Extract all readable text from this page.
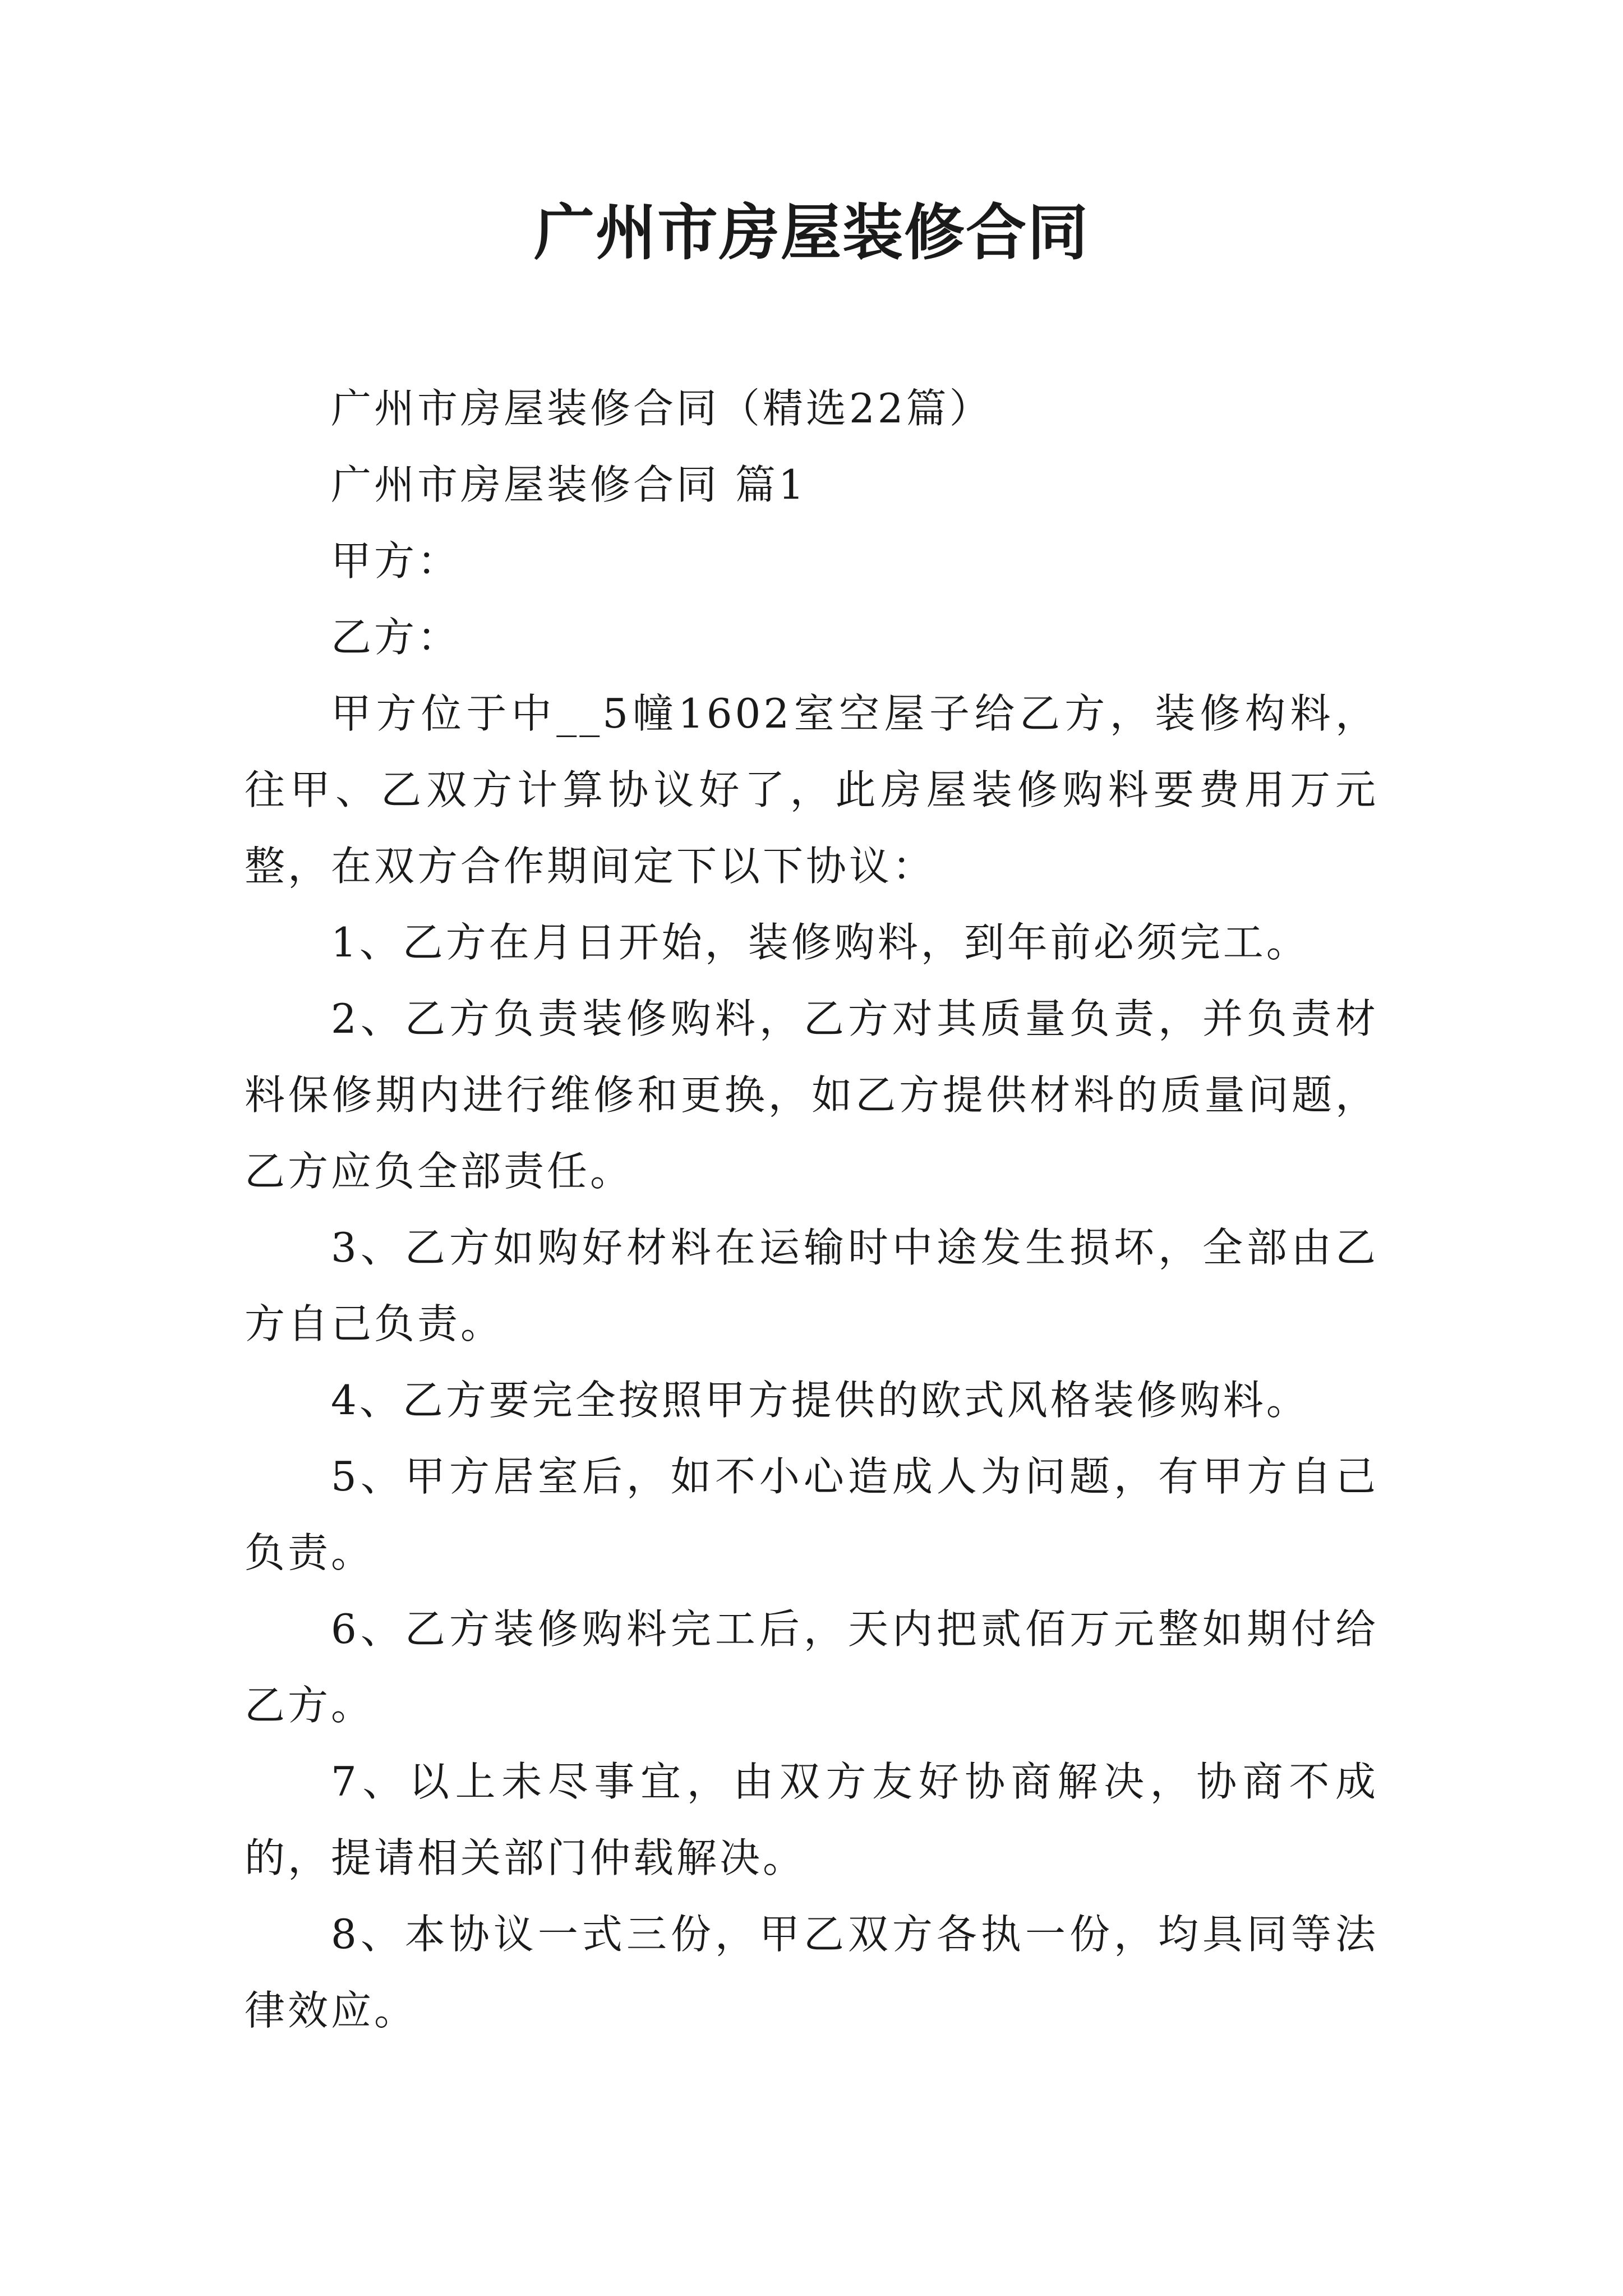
广州市房屋装修合同

广州市房屋装修合同（精选22篇）

广州市房屋装修合同 篇1

甲方：

乙方：

甲方位于中__5幢1602室空屋子给乙方，装修构料，往甲、乙双方计算协议好了，此房屋装修购料要费用万元整，在双方合作期间定下以下协议：

1、乙方在月日开始，装修购料，到年前必须完工。

2、乙方负责装修购料，乙方对其质量负责，并负责材料保修期内进行维修和更换，如乙方提供材料的质量问题，乙方应负全部责任。

3、乙方如购好材料在运输时中途发生损坏，全部由乙方自己负责。

4、乙方要完全按照甲方提供的欧式风格装修购料。

5、甲方居室后，如不小心造成人为问题，有甲方自己负责。

6、乙方装修购料完工后，天内把贰佰万元整如期付给乙方。

7、以上未尽事宜，由双方友好协商解决，协商不成的，提请相关部门仲载解决。

8、本协议一式三份，甲乙双方各执一份，均具同等法律效应。
